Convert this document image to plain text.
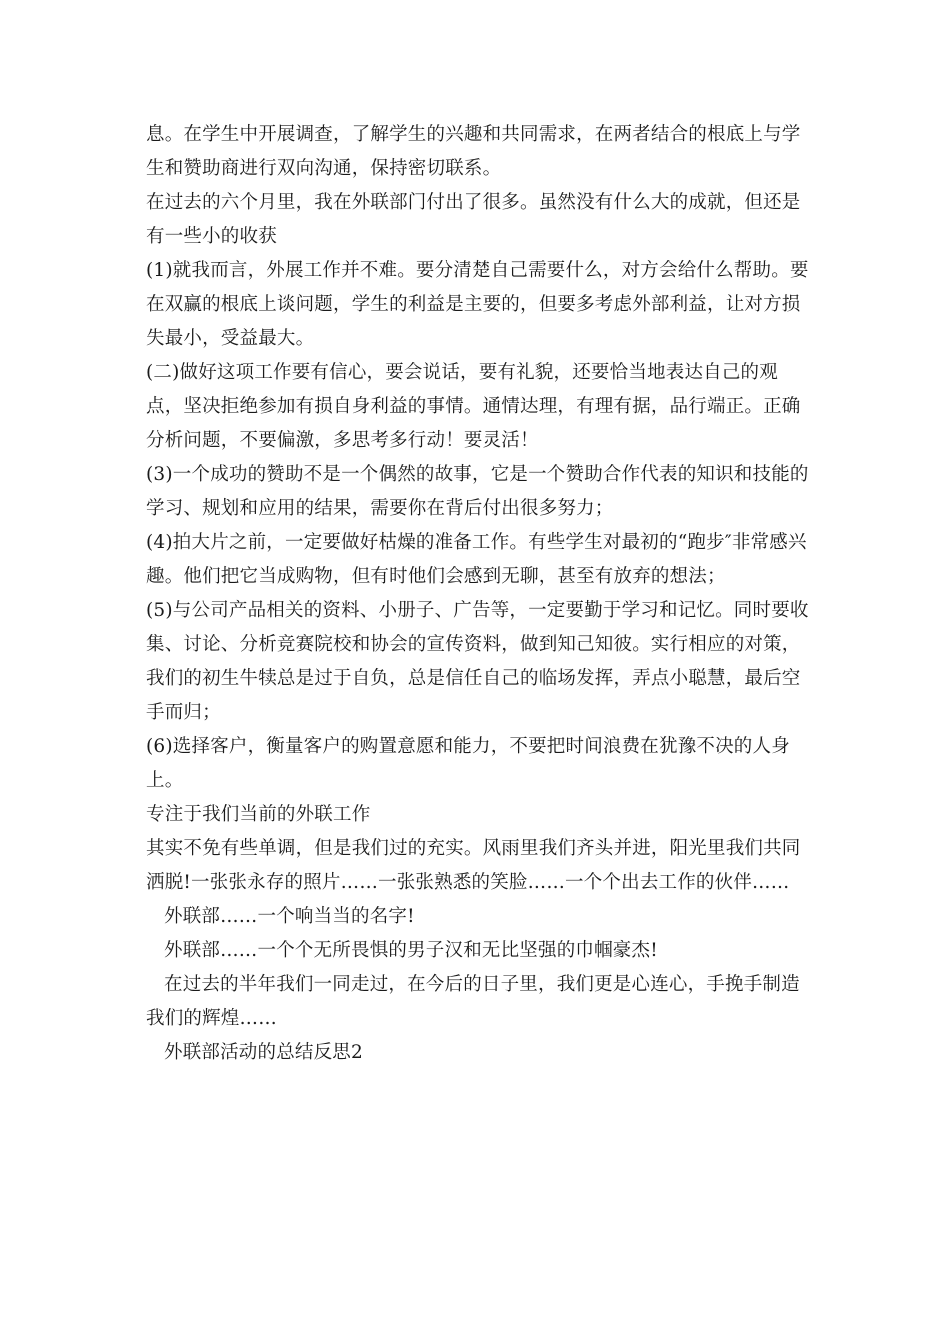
息。在学生中开展调查，了解学生的兴趣和共同需求，在两者结合的根底上与学生和赞助商进行双向沟通，保持密切联系。

在过去的六个月里，我在外联部门付出了很多。虽然没有什么大的成就，但还是有一些小的收获

(1)就我而言，外展工作并不难。要分清楚自己需要什么，对方会给什么帮助。要在双赢的根底上谈问题，学生的利益是主要的，但要多考虑外部利益，让对方损失最小，受益最大。

(二)做好这项工作要有信心，要会说话，要有礼貌，还要恰当地表达自己的观点，坚决拒绝参加有损自身利益的事情。通情达理，有理有据，品行端正。正确分析问题，不要偏激，多思考多行动！要灵活！

(3)一个成功的赞助不是一个偶然的故事，它是一个赞助合作代表的知识和技能的学习、规划和应用的结果，需要你在背后付出很多努力；

(4)拍大片之前，一定要做好枯燥的准备工作。有些学生对最初的“跑步″非常感兴趣。他们把它当成购物，但有时他们会感到无聊，甚至有放弃的想法；

(5)与公司产品相关的资料、小册子、广告等，一定要勤于学习和记忆。同时要收集、讨论、分析竞赛院校和协会的宣传资料，做到知己知彼。实行相应的对策，我们的初生牛犊总是过于自负，总是信任自己的临场发挥，弄点小聪慧，最后空手而归；

(6)选择客户，衡量客户的购置意愿和能力，不要把时间浪费在犹豫不决的人身上。

专注于我们当前的外联工作

其实不免有些单调，但是我们过的充实。风雨里我们齐头并进，阳光里我们共同洒脱!一张张永存的照片……一张张熟悉的笑脸……一个个出去工作的伙伴……

外联部……一个响当当的名字!

外联部……一个个无所畏惧的男子汉和无比坚强的巾帼豪杰!

在过去的半年我们一同走过，在今后的日子里，我们更是心连心，手挽手制造我们的辉煌……

外联部活动的总结反思2
